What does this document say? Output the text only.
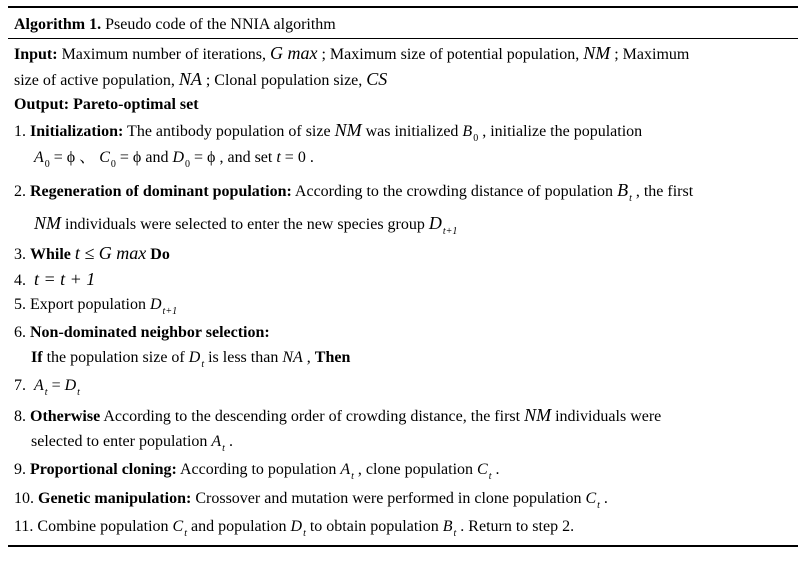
Algorithm 1. Pseudo code of the NNIA algorithm
Input: Maximum number of iterations, G max ; Maximum size of potential population, NM ; Maximum
size of active population, NA ; Clonal population size, CS
Output: Pareto-optimal set
1. Initialization: The antibody population of size NM was initialized $B_0$ , initialize the population
$A_0 = \phi$ 、 $C_0 = \phi$ and $D_0 = \phi$ , and set t = 0 .
2. Regeneration of dominant population: According to the crowding distance of population $B_t$ , the first
NM individuals were selected to enter the new species group $D_{t+1}$
3. While t ≤ G max Do
4. t = t + 1
5. Export population $D_{t+1}$
6. Non-dominated neighbor selection:
If the population size of $D_t$ is less than NA , Then
7. $A_t = D_t$
8. Otherwise According to the descending order of crowding distance, the first NM individuals were
selected to enter population $A_t$ .
9. Proportional cloning: According to population $A_t$ , clone population $C_t$ .
10. Genetic manipulation: Crossover and mutation were performed in clone population $C_t$ .
11. Combine population $C_t$ and population $D_t$ to obtain population $B_t$ . Return to step 2.
